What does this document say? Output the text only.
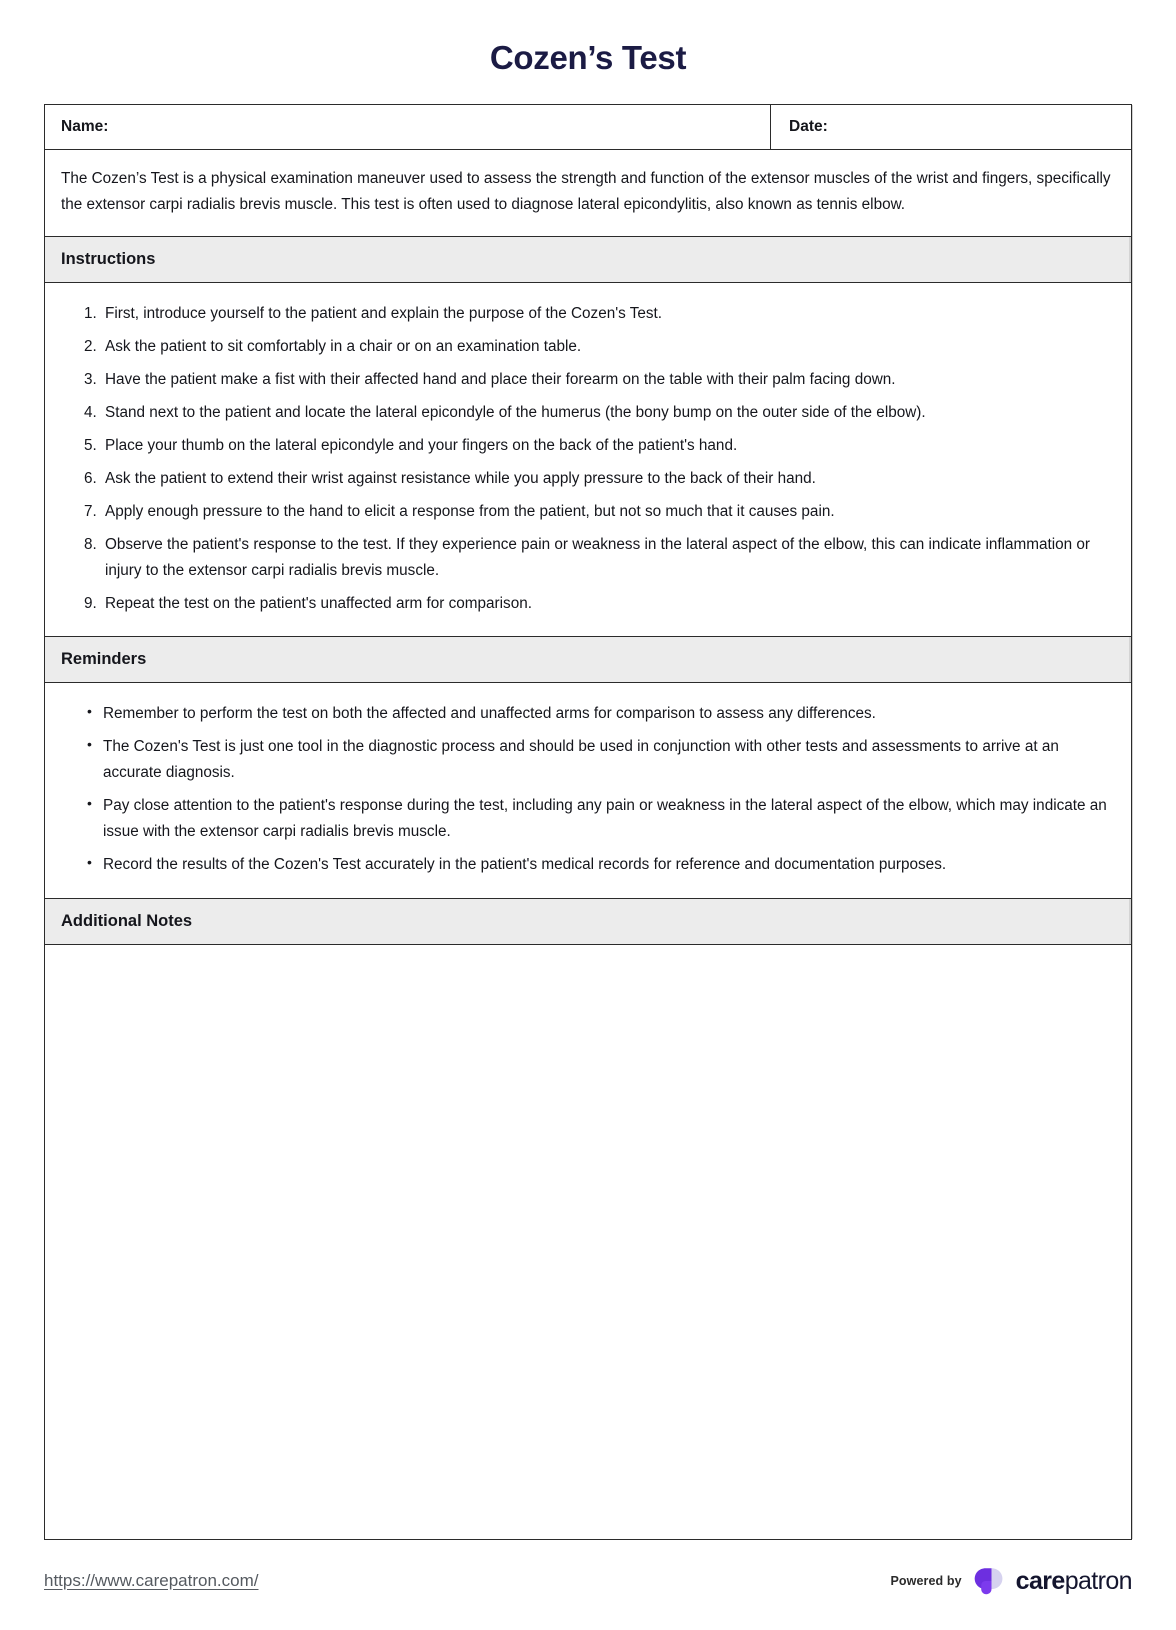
Cozen’s Test
Name:	Date:
The Cozen’s Test is a physical examination maneuver used to assess the strength and function of the extensor muscles of the wrist and fingers, specifically the extensor carpi radialis brevis muscle. This test is often used to diagnose lateral epicondylitis, also known as tennis elbow.
Instructions
1. First, introduce yourself to the patient and explain the purpose of the Cozen's Test.
2. Ask the patient to sit comfortably in a chair or on an examination table.
3. Have the patient make a fist with their affected hand and place their forearm on the table with their palm facing down.
4. Stand next to the patient and locate the lateral epicondyle of the humerus (the bony bump on the outer side of the elbow).
5. Place your thumb on the lateral epicondyle and your fingers on the back of the patient's hand.
6. Ask the patient to extend their wrist against resistance while you apply pressure to the back of their hand.
7. Apply enough pressure to the hand to elicit a response from the patient, but not so much that it causes pain.
8. Observe the patient's response to the test. If they experience pain or weakness in the lateral aspect of the elbow, this can indicate inflammation or injury to the extensor carpi radialis brevis muscle.
9. Repeat the test on the patient's unaffected arm for comparison.
Reminders
• Remember to perform the test on both the affected and unaffected arms for comparison to assess any differences.
• The Cozen's Test is just one tool in the diagnostic process and should be used in conjunction with other tests and assessments to arrive at an accurate diagnosis.
• Pay close attention to the patient's response during the test, including any pain or weakness in the lateral aspect of the elbow, which may indicate an issue with the extensor carpi radialis brevis muscle.
• Record the results of the Cozen's Test accurately in the patient's medical records for reference and documentation purposes.
Additional Notes
https://www.carepatron.com/	Powered by carepatron
